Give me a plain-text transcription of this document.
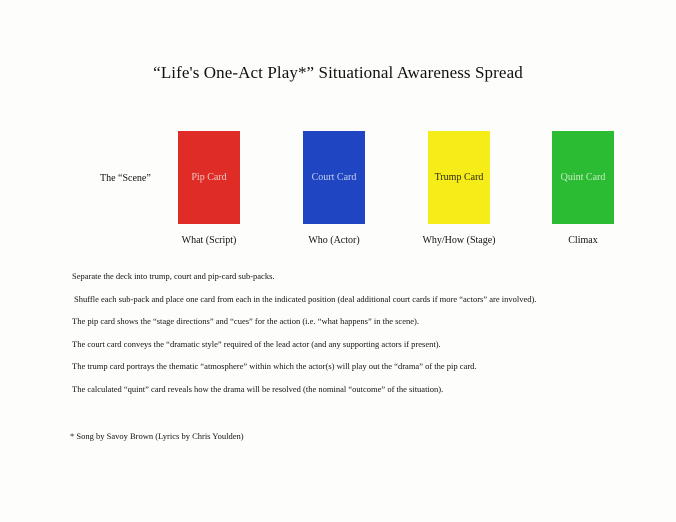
“Life's One-Act Play*” Situational Awareness Spread
The “Scene”	Pip Card	Court Card	Trump Card	Quint Card
What (Script)	Who (Actor)	Why/How (Stage)	Climax
Separate the deck into trump, court and pip-card sub-packs.
Shuffle each sub-pack and place one card from each in the indicated position (deal additional court cards if more “actors” are involved).
The pip card shows the “stage directions” and “cues” for the action (i.e. “what happens” in the scene).
The court card conveys the “dramatic style” required of the lead actor (and any supporting actors if present).
The trump card portrays the thematic “atmosphere” within which the actor(s) will play out the “drama” of the pip card.
The calculated “quint” card reveals how the drama will be resolved (the nominal “outcome” of the situation).
* Song by Savoy Brown (Lyrics by Chris Youlden)
